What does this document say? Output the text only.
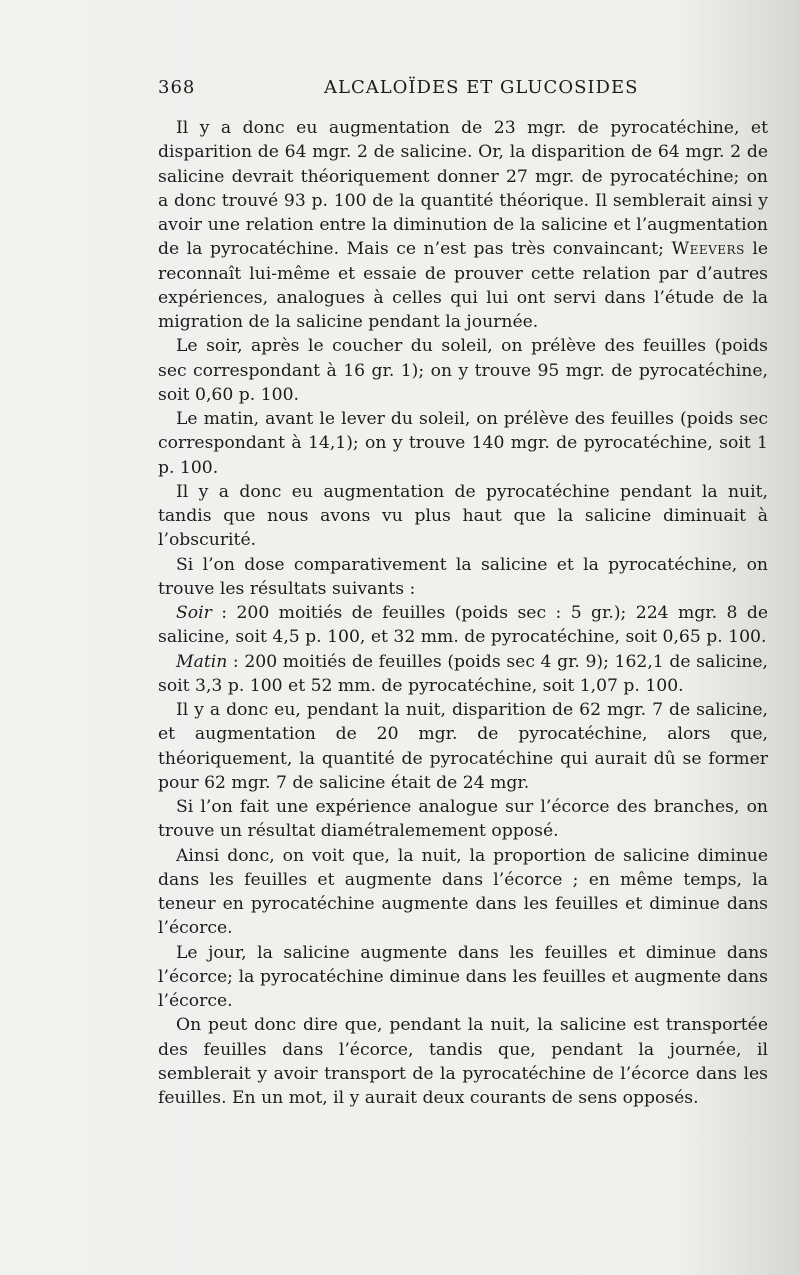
368	ALCALOÏDES ET GLUCOSIDES

Il y a donc eu augmentation de 23 mgr. de pyrocatéchine, et disparition de 64 mgr. 2 de salicine. Or, la disparition de 64 mgr. 2 de salicine devrait théoriquement donner 27 mgr. de pyrocatéchine; on a donc trouvé 93 p. 100 de la quantité théorique. Il semblerait ainsi y avoir une relation entre la diminution de la salicine et l’augmentation de la pyrocatéchine. Mais ce n’est pas très convaincant; Weevers le reconnaît lui-même et essaie de prouver cette relation par d’autres expériences, analogues à celles qui lui ont servi dans l’étude de la migration de la salicine pendant la journée.

Le soir, après le coucher du soleil, on prélève des feuilles (poids sec correspondant à 16 gr. 1); on y trouve 95 mgr. de pyrocatéchine, soit 0,60 p. 100.

Le matin, avant le lever du soleil, on prélève des feuilles (poids sec correspondant à 14,1); on y trouve 140 mgr. de pyrocatéchine, soit 1 p. 100.

Il y a donc eu augmentation de pyrocatéchine pendant la nuit, tandis que nous avons vu plus haut que la salicine diminuait à l’obscurité.

Si l’on dose comparativement la salicine et la pyrocatéchine, on trouve les résultats suivants :

Soir : 200 moitiés de feuilles (poids sec : 5 gr.); 224 mgr. 8 de salicine, soit 4,5 p. 100, et 32 mm. de pyrocatéchine, soit 0,65 p. 100.

Matin : 200 moitiés de feuilles (poids sec 4 gr. 9); 162,1 de salicine, soit 3,3 p. 100 et 52 mm. de pyrocatéchine, soit 1,07 p. 100.

Il y a donc eu, pendant la nuit, disparition de 62 mgr. 7 de salicine, et augmentation de 20 mgr. de pyrocatéchine, alors que, théoriquement, la quantité de pyrocatéchine qui aurait dû se former pour 62 mgr. 7 de salicine était de 24 mgr.

Si l’on fait une expérience analogue sur l’écorce des branches, on trouve un résultat diamétralemement opposé.

Ainsi donc, on voit que, la nuit, la proportion de salicine diminue dans les feuilles et augmente dans l’écorce ; en même temps, la teneur en pyrocatéchine augmente dans les feuilles et diminue dans l’écorce.

Le jour, la salicine augmente dans les feuilles et diminue dans l’écorce; la pyrocatéchine diminue dans les feuilles et augmente dans l’écorce.

On peut donc dire que, pendant la nuit, la salicine est transportée des feuilles dans l’écorce, tandis que, pendant la journée, il semblerait y avoir transport de la pyrocatéchine de l’écorce dans les feuilles. En un mot, il y aurait deux courants de sens opposés.
